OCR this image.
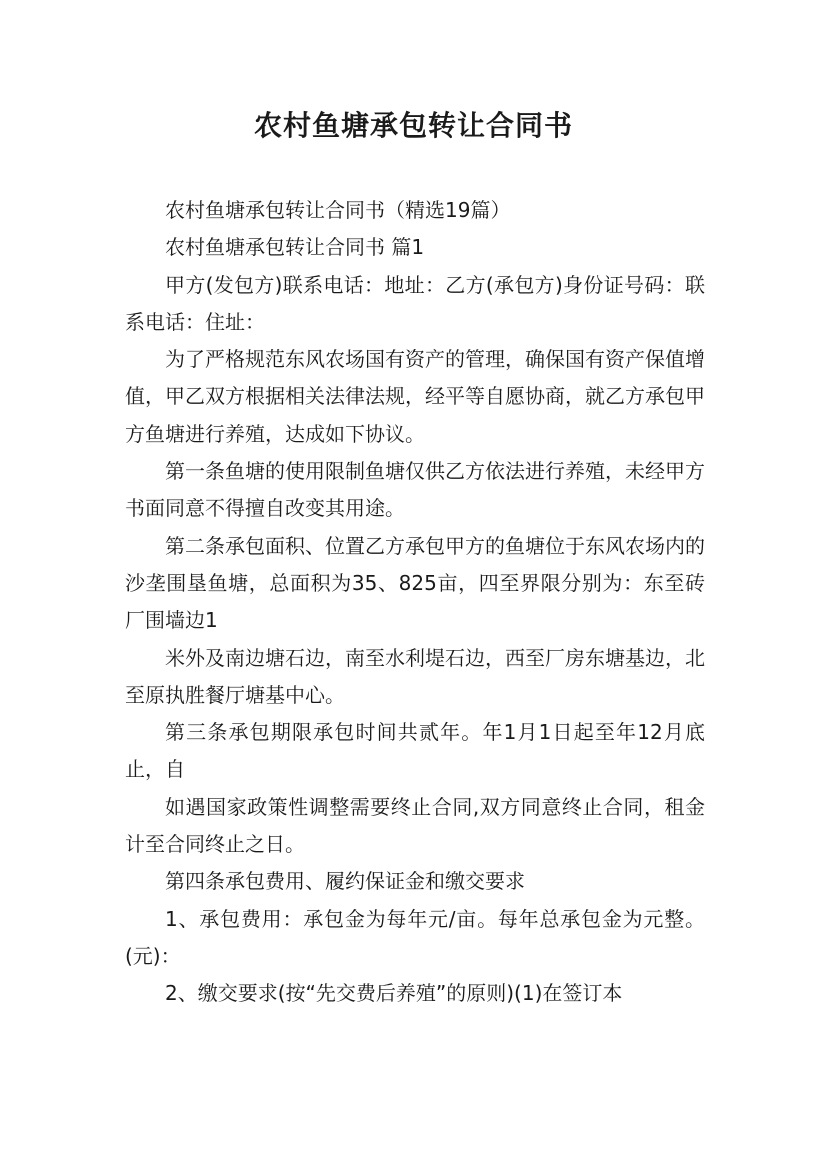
农村鱼塘承包转让合同书

农村鱼塘承包转让合同书（精选19篇）

农村鱼塘承包转让合同书 篇1

甲方(发包方)联系电话：地址：乙方(承包方)身份证号码：联系电话：住址：

为了严格规范东风农场国有资产的管理，确保国有资产保值增值，甲乙双方根据相关法律法规，经平等自愿协商，就乙方承包甲方鱼塘进行养殖，达成如下协议。

第一条鱼塘的使用限制鱼塘仅供乙方依法进行养殖，未经甲方书面同意不得擅自改变其用途。

第二条承包面积、位置乙方承包甲方的鱼塘位于东风农场内的沙垄围垦鱼塘，总面积为35、825亩，四至界限分别为：东至砖厂围墙边1

米外及南边塘石边，南至水利堤石边，西至厂房东塘基边，北至原执胜餐厅塘基中心。

第三条承包期限承包时间共贰年。年1月1日起至年12月底止，自

如遇国家政策性调整需要终止合同,双方同意终止合同，租金计至合同终止之日。

第四条承包费用、履约保证金和缴交要求

1、承包费用：承包金为每年元/亩。每年总承包金为元整。(元)：

2、缴交要求(按“先交费后养殖”的原则)(1)在签订本
